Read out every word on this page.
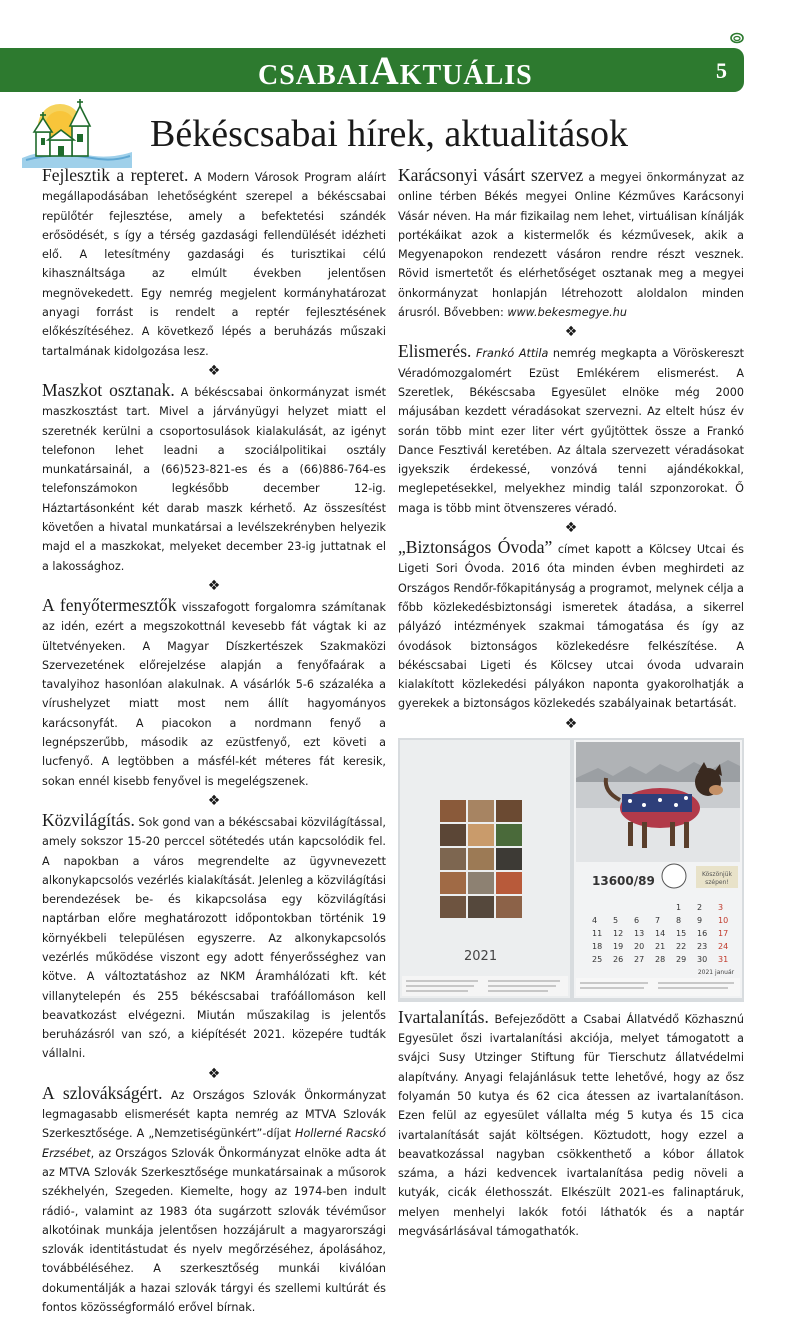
CSABAIAKTUÁLIS	5
Békéscsabai hírek, aktualitások

Fejlesztik a repteret. A Modern Városok Program aláírt megállapodásában lehetőségként szerepel a békéscsabai repülőtér fejlesztése, amely a befektetési szándék erősödését, s így a térség gazdasági fellendülését idézheti elő. A letesítmény gazdasági és turisztikai célú kihasználtsága az elmúlt években jelentősen megnövekedett. Egy nemrég megjelent kormányhatározat anyagi forrást is rendelt a reptér fejlesztésének előkészítéséhez. A következő lépés a beruházás műszaki tartalmának kidolgozása lesz.

❖

Maszkot osztanak. A békéscsabai önkormányzat ismét maszkosztást tart. Mivel a járványügyi helyzet miatt el szeretnék kerülni a csoportosulások kialakulását, az igényt telefonon lehet leadni a szociálpolitikai osztály munkatársainál, a (66)523-821-es és a (66)886-764-es telefonszámokon legkésőbb december 12-ig. Háztartásonként két darab maszk kérhető. Az összesítést követően a hivatal munkatársai a levélszekrényben helyezik majd el a maszkokat, melyeket december 23-ig juttatnak el a lakossághoz.

❖

A fenyőtermesztők visszafogott forgalomra számítanak az idén, ezért a megszokottnál kevesebb fát vágtak ki az ültetvényeken. A Magyar Díszkertészek Szakmaközi Szervezetének előrejelzése alapján a fenyőfaárak a tavalyihoz hasonlóan alakulnak. A vásárlók 5-6 százaléka a vírushelyzet miatt most nem állít hagyományos karácsonyfát. A piacokon a nordmann fenyő a legnépszerűbb, második az ezüstfenyő, ezt követi a lucfenyő. A legtöbben a másfél-két méteres fát keresik, sokan ennél kisebb fenyővel is megelégszenek.

❖

Közvilágítás. Sok gond van a békéscsabai közvilágítással, amely sokszor 15-20 perccel sötétedés után kapcsolódik fel. A napokban a város megrendelte az ügyvnevezett alkonykapcsolós vezérlés kialakítását. Jelenleg a közvilágítási berendezések be- és kikapcsolása egy közvilágítási naptárban előre meghatározott időpontokban történik 19 környékbeli településen egyszerre. Az alkonykapcsolós vezérlés működése viszont egy adott fényerősséghez van kötve. A változtatáshoz az NKM Áramhálózati kft. két villanytelepén és 255 békéscsabai trafóállomáson kell beavatkozást elvégezni. Miután műszakilag is jelentős beruházásról van szó, a kiépítését 2021. közepére tudták vállalni.

❖

A szlovákságért. Az Országos Szlovák Önkormányzat legmagasabb elismerését kapta nemrég az MTVA Szlovák Szerkesztősége. A „Nemzetiségünkért”-díjat Hollerné Racskó Erzsébet, az Országos Szlovák Önkormányzat elnöke adta át az MTVA Szlovák Szerkesztősége munkatársainak a műsorok székhelyén, Szegeden. Kiemelte, hogy az 1974-ben indult rádió-, valamint az 1983 óta sugárzott szlovák tévéműsor alkotóinak munkája jelentősen hozzájárult a magyarországi szlovák identitástudat és nyelv megőrzéséhez, ápolásához, továbbéléséhez. A szerkesztőség munkái kiválóan dokumentálják a hazai szlovák tárgyi és szellemi kultúrát és fontos közösségformáló erővel bírnak.

Karácsonyi vásárt szervez a megyei önkormányzat az online térben Békés megyei Online Kézműves Karácsonyi Vásár néven. Ha már fizikailag nem lehet, virtuálisan kínálják portékáikat azok a kistermelők és kézművesek, akik a Megyenapokon rendezett vásáron rendre részt vesznek. Rövid ismertetőt és elérhetőséget osztanak meg a megyei önkormányzat honlapján létrehozott aloldalon minden árusról. Bővebben: www.bekesmegye.hu

❖

Elismerés. Frankó Attila nemrég megkapta a Vöröskereszt Véradómozgalomért Ezüst Emlékérem elismerést. A Szeretlek, Békéscsaba Egyesület elnöke még 2000 májusában kezdett véradásokat szervezni. Az eltelt húsz év során több mint ezer liter vért gyűjtöttek össze a Frankó Dance Fesztivál keretében. Az általa szervezett véradásokat igyekszik érdekessé, vonzóvá tenni ajándékokkal, meglepetésekkel, melyekhez mindig talál szponzorokat. Ő maga is több mint ötvenszeres véradó.

❖

„Biztonságos Óvoda” címet kapott a Kölcsey Utcai és Ligeti Sori Óvoda. 2016 óta minden évben meghirdeti az Országos Rendőr-főkapitányság a programot, melynek célja a főbb közlekedésbiztonsági ismeretek átadása, a sikerrel pályázó intézmények szakmai támogatása és így az óvodások biztonságos közlekedésre felkészítése. A békéscsabai Ligeti és Kölcsey utcai óvoda udvarain kialakított közlekedési pályákon naponta gyakorolhatják a gyerekek a biztonságos közlekedés szabályainak betartását.

❖
2021
13600/89	Köszönjük
szépen!
1 2 3
4 5 6 7 8 9 10
11 12 13 14 15 16 17
18 19 20 21 22 23 24
25 26 27 28 29 30 31
2021 január

Ivartalanítás. Befejeződött a Csabai Állatvédő Közhasznú Egyesület őszi ivartalanítási akciója, melyet támogatott a svájci Susy Utzinger Stiftung für Tierschutz állatvédelmi alapítvány. Anyagi felajánlásuk tette lehetővé, hogy az ősz folyamán 50 kutya és 62 cica átessen az ivartalanításon. Ezen felül az egyesület vállalta még 5 kutya és 15 cica ivartalanítását saját költségen. Köztudott, hogy ezzel a beavatkozással nagyban csökkenthető a kóbor állatok száma, a házi kedvencek ivartalanítása pedig növeli a kutyák, cicák élethosszát. Elkészült 2021-es falinaptáruk, melyen menhelyi lakók fotói láthatók és a naptár megvásárlásával támogathatók.
